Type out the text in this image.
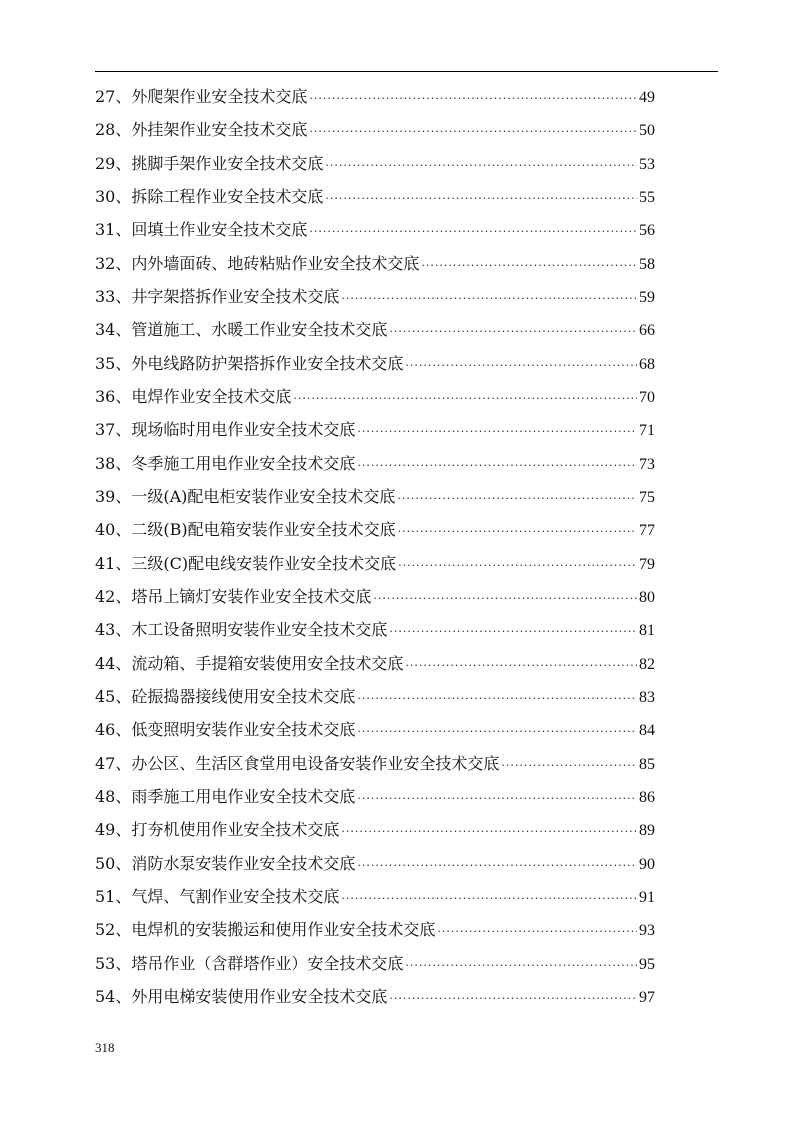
27、外爬架作业安全技术交底 ·····	49
28、外挂架作业安全技术交底 ·····	50
29、挑脚手架作业安全技术交底 ·····	53
30、拆除工程作业安全技术交底 ·····	55
31、回填土作业安全技术交底 ·····	56
32、内外墙面砖、地砖粘贴作业安全技术交底 ·····	58
33、井字架搭拆作业安全技术交底 ·····	59
34、管道施工、水暖工作业安全技术交底 ·····	66
35、外电线路防护架搭拆作业安全技术交底 ·····	68
36、电焊作业安全技术交底 ·····	70
37、现场临时用电作业安全技术交底 ·····	71
38、冬季施工用电作业安全技术交底 ·····	73
39、一级(A)配电柜安装作业安全技术交底 ·····	75
40、二级(B)配电箱安装作业安全技术交底 ·····	77
41、三级(C)配电线安装作业安全技术交底 ·····	79
42、塔吊上镝灯安装作业安全技术交底 ·····	80
43、木工设备照明安装作业安全技术交底 ·····	81
44、流动箱、手提箱安装使用安全技术交底 ·····	82
45、砼振捣器接线使用安全技术交底 ·····	83
46、低变照明安装作业安全技术交底 ·····	84
47、办公区、生活区食堂用电设备安装作业安全技术交底 ·····	85
48、雨季施工用电作业安全技术交底 ·····	86
49、打夯机使用作业安全技术交底 ·····	89
50、消防水泵安装作业安全技术交底 ·····	90
51、气焊、气割作业安全技术交底 ·····	91
52、电焊机的安装搬运和使用作业安全技术交底 ·····	93
53、塔吊作业（含群塔作业）安全技术交底 ·····	95
54、外用电梯安装使用作业安全技术交底 ·····	97
318
